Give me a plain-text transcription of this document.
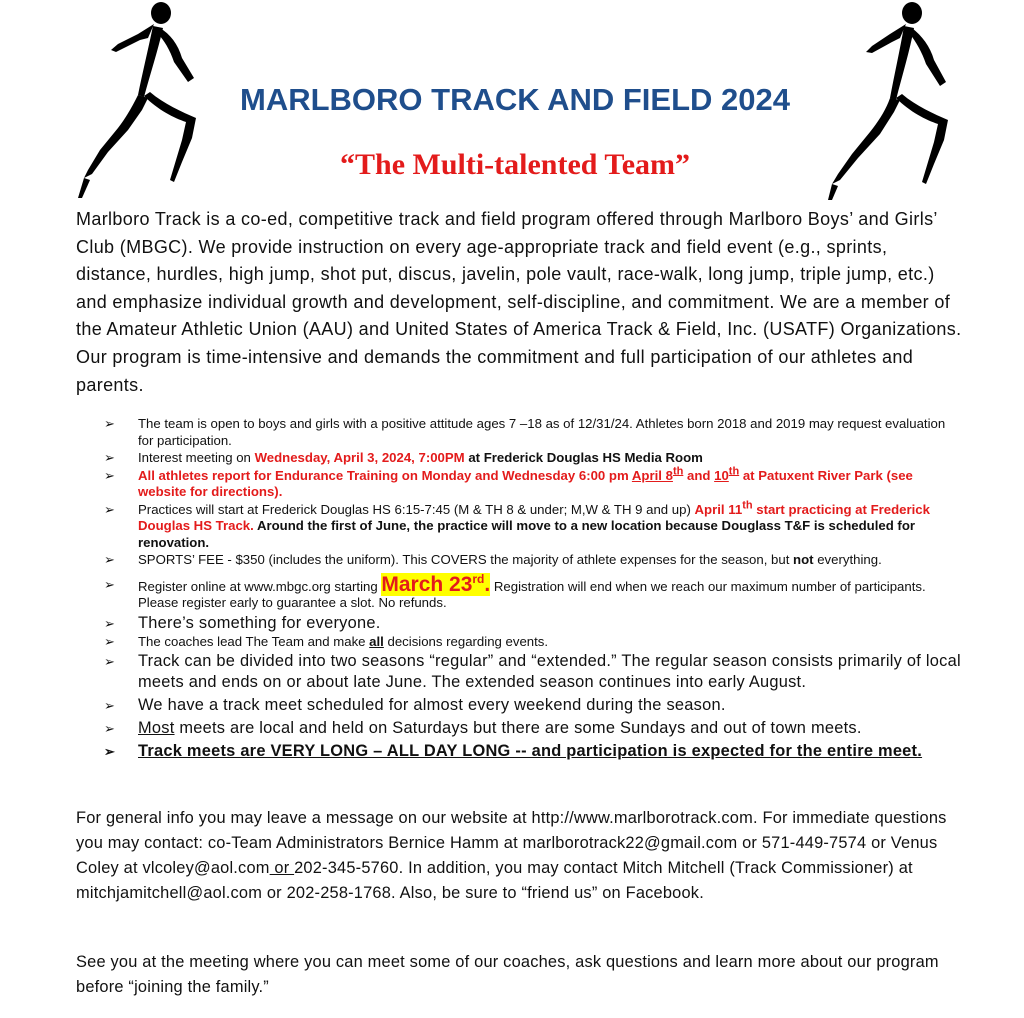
MARLBORO TRACK AND FIELD 2024
“The Multi-talented Team”

Marlboro Track is a co-ed, competitive track and field program offered through Marlboro Boys’ and Girls’ Club (MBGC). We provide instruction on every age-appropriate track and field event (e.g., sprints, distance, hurdles, high jump, shot put, discus, javelin, pole vault, race-walk, long jump, triple jump, etc.) and emphasize individual growth and development, self-discipline, and commitment. We are a member of the Amateur Athletic Union (AAU) and United States of America Track & Field, Inc. (USATF) Organizations. Our program is time-intensive and demands the commitment and full participation of our athletes and parents.

➢ The team is open to boys and girls with a positive attitude ages 7 –18 as of 12/31/24. Athletes born 2018 and 2019 may request evaluation for participation.
➢ Interest meeting on Wednesday, April 3, 2024, 7:00PM at Frederick Douglas HS Media Room
➢ All athletes report for Endurance Training on Monday and Wednesday 6:00 pm April 8th and 10th at Patuxent River Park (see website for directions).
➢ Practices will start at Frederick Douglas HS 6:15-7:45 (M & TH 8 & under; M,W & TH 9 and up) April 11th start practicing at Frederick Douglas HS Track. Around the first of June, the practice will move to a new location because Douglass T&F is scheduled for renovation.
➢ SPORTS’ FEE - $350 (includes the uniform). This COVERS the majority of athlete expenses for the season, but not everything.
➢ Register online at www.mbgc.org starting March 23rd. Registration will end when we reach our maximum number of participants. Please register early to guarantee a slot. No refunds.
➢ There’s something for everyone.
➢ The coaches lead The Team and make all decisions regarding events.
➢ Track can be divided into two seasons “regular” and “extended.” The regular season consists primarily of local meets and ends on or about late June. The extended season continues into early August.
➢ We have a track meet scheduled for almost every weekend during the season.
➢ Most meets are local and held on Saturdays but there are some Sundays and out of town meets.
➢ Track meets are VERY LONG – ALL DAY LONG -- and participation is expected for the entire meet.

For general info you may leave a message on our website at http://www.marlborotrack.com. For immediate questions you may contact: co-Team Administrators Bernice Hamm at marlborotrack22@gmail.com or 571-449-7574 or Venus Coley at vlcoley@aol.com or 202-345-5760. In addition, you may contact Mitch Mitchell (Track Commissioner) at mitchjamitchell@aol.com or 202-258-1768. Also, be sure to “friend us” on Facebook.

See you at the meeting where you can meet some of our coaches, ask questions and learn more about our program before “joining the family.”
